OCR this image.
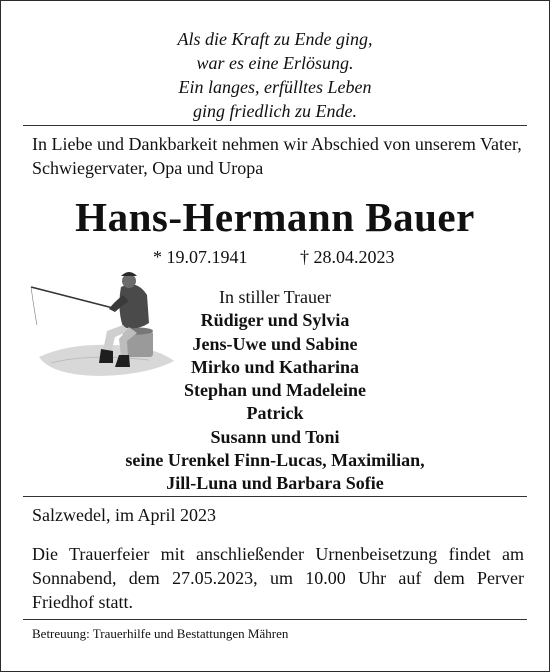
Als die Kraft zu Ende ging,
war es eine Erlösung.
Ein langes, erfülltes Leben
ging friedlich zu Ende.
In Liebe und Dankbarkeit nehmen wir Abschied von unserem Vater, Schwiegervater, Opa und Uropa
Hans-Hermann Bauer
* 19.07.1941	† 28.04.2023
In stiller Trauer
Rüdiger und Sylvia
Jens-Uwe und Sabine
Mirko und Katharina
Stephan und Madeleine
Patrick
Susann und Toni
seine Urenkel Finn-Lucas, Maximilian,
Jill-Luna und Barbara Sofie
Salzwedel, im April 2023
Die Trauerfeier mit anschließender Urnenbeisetzung findet am Sonnabend, dem 27.05.2023, um 10.00 Uhr auf dem Perver Friedhof statt.
Betreuung: Trauerhilfe und Bestattungen Mähren
